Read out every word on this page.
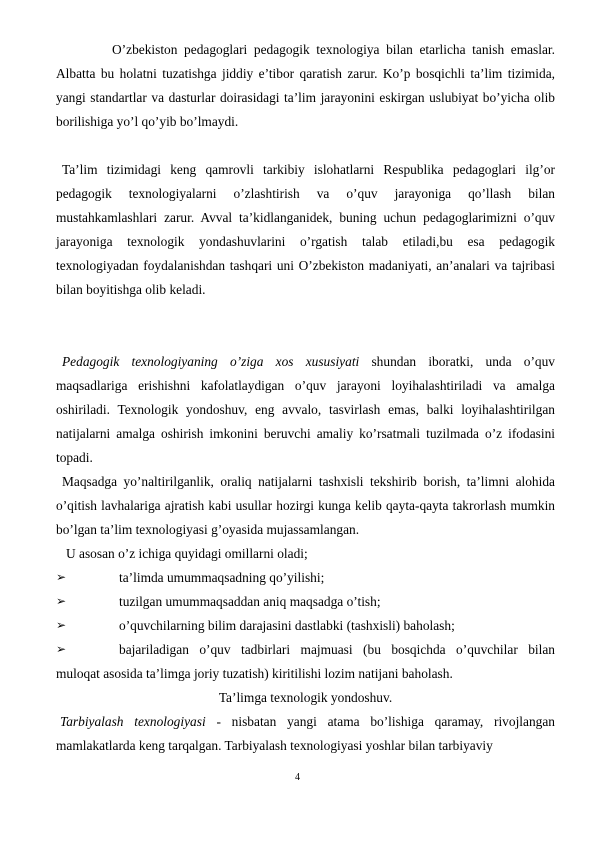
O’zbekiston pedagoglari pedagogik texnologiya bilan etarlicha tanish emaslar. Albatta bu holatni tuzatishga jiddiy e’tibor qaratish zarur. Ko’p bosqichli ta’lim tizimida, yangi standartlar va dasturlar doirasidagi ta’lim jarayonini eskirgan uslubiyat bo’yicha olib borilishiga yo’l qo’yib bo’lmaydi.
Ta’lim tizimidagi keng qamrovli tarkibiy islohatlarni Respublika pedagoglari ilg’or pedagogik texnologiyalarni o’zlashtirish va o’quv jarayoniga qo’llash bilan mustahkamlashlari zarur. Avval ta’kidlanganidek, buning uchun pedagoglarimizni o’quv jarayoniga texnologik yondashuvlarini o’rgatish talab etiladi,bu esa pedagogik texnologiyadan foydalanishdan tashqari uni O’zbekiston madaniyati, an’analari va tajribasi bilan boyitishga olib keladi.
Pedagogik texnologiyaning o’ziga xos xususiyati shundan iboratki, unda o’quv maqsadlariga erishishni kafolatlaydigan o’quv jarayoni loyihalashtiriladi va amalga oshiriladi. Texnologik yondoshuv, eng avvalo, tasvirlash emas, balki loyihalashtirilgan natijalarni amalga oshirish imkonini beruvchi amaliy ko’rsatmali tuzilmada o’z ifodasini topadi.
Maqsadga yo’naltirilganlik, oraliq natijalarni tashxisli tekshirib borish, ta’limni alohida o’qitish lavhalariga ajratish kabi usullar hozirgi kunga kelib qayta-qayta takrorlash mumkin bo’lgan ta’lim texnologiyasi g’oyasida mujassamlangan.
U asosan o’z ichiga quyidagi omillarni oladi;
➢	ta’limda umummaqsadning qo’yilishi;
➢	tuzilgan umummaqsaddan aniq maqsadga o’tish;
➢	o’quvchilarning bilim darajasini dastlabki (tashxisli) baholash;
➢	bajariladigan o’quv tadbirlari majmuasi (bu bosqichda o’quvchilar bilan
muloqat asosida ta’limga joriy tuzatish) kiritilishi lozim natijani baholash.
Ta’limga texnologik yondoshuv.
Tarbiyalash texnologiyasi - nisbatan yangi atama bo’lishiga qaramay, rivojlangan mamlakatlarda keng tarqalgan. Tarbiyalash texnologiyasi yoshlar bilan tarbiyaviy
4
